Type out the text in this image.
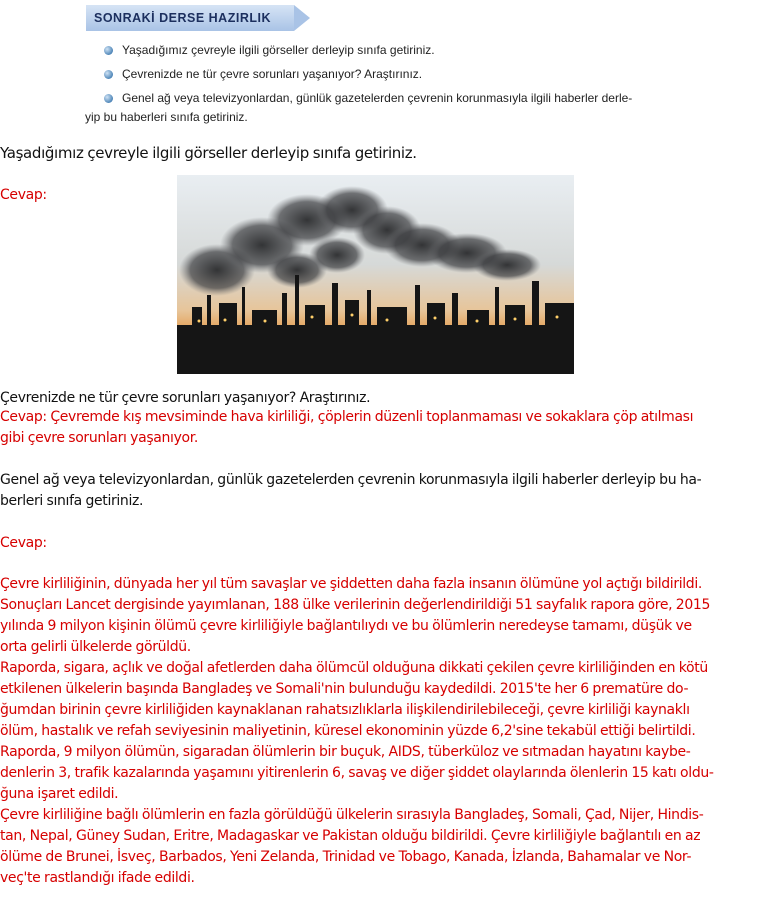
SONRAKİ DERSE HAZIRLIK
Yaşadığımız çevreyle ilgili görseller derleyip sınıfa getiriniz.
Çevrenizde ne tür çevre sorunları yaşanıyor? Araştırınız.
Genel ağ veya televizyonlardan, günlük gazetelerden çevrenin korunmasıyla ilgili haberler derle-
yip bu haberleri sınıfa getiriniz.
Yaşadığımız çevreyle ilgili görseller derleyip sınıfa getiriniz.
Cevap:
Çevrenizde ne tür çevre sorunları yaşanıyor? Araştırınız.
Cevap: Çevremde kış mevsiminde hava kirliliği, çöplerin düzenli toplanmaması ve sokaklara çöp atılması
gibi çevre sorunları yaşanıyor.
Genel ağ veya televizyonlardan, günlük gazetelerden çevrenin korunmasıyla ilgili haberler derleyip bu ha-
berleri sınıfa getiriniz.
Cevap:
Çevre kirliliğinin, dünyada her yıl tüm savaşlar ve şiddetten daha fazla insanın ölümüne yol açtığı bildirildi.
Sonuçları Lancet dergisinde yayımlanan, 188 ülke verilerinin değerlendirildiği 51 sayfalık rapora göre, 2015
yılında 9 milyon kişinin ölümü çevre kirliliğiyle bağlantılıydı ve bu ölümlerin neredeyse tamamı, düşük ve
orta gelirli ülkelerde görüldü.
Raporda, sigara, açlık ve doğal afetlerden daha ölümcül olduğuna dikkati çekilen çevre kirliliğinden en kötü
etkilenen ülkelerin başında Bangladeş ve Somali'nin bulunduğu kaydedildi. 2015'te her 6 prematüre do-
ğumdan birinin çevre kirliliğiden kaynaklanan rahatsızlıklarla ilişkilendirilebileceği, çevre kirliliği kaynaklı
ölüm, hastalık ve refah seviyesinin maliyetinin, küresel ekonominin yüzde 6,2'sine tekabül ettiği belirtildi.
Raporda, 9 milyon ölümün, sigaradan ölümlerin bir buçuk, AIDS, tüberküloz ve sıtmadan hayatını kaybe-
denlerin 3, trafik kazalarında yaşamını yitirenlerin 6, savaş ve diğer şiddet olaylarında ölenlerin 15 katı oldu-
ğuna işaret edildi.
Çevre kirliliğine bağlı ölümlerin en fazla görüldüğü ülkelerin sırasıyla Bangladeş, Somali, Çad, Nijer, Hindis-
tan, Nepal, Güney Sudan, Eritre, Madagaskar ve Pakistan olduğu bildirildi. Çevre kirliliğiyle bağlantılı en az
ölüme de Brunei, İsveç, Barbados, Yeni Zelanda, Trinidad ve Tobago, Kanada, İzlanda, Bahamalar ve Nor-
veç'te rastlandığı ifade edildi.
